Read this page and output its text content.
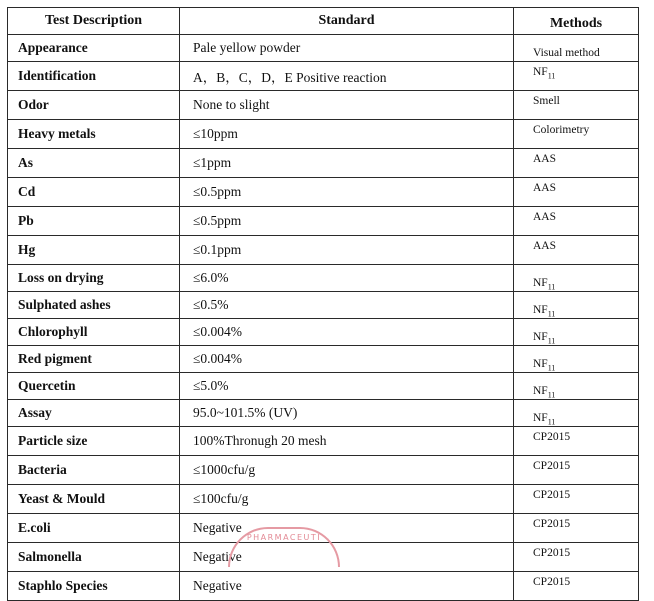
Test Description	Standard	Methods
Appearance	Pale yellow powder	Visual method
Identification	A，B，C，D，E Positive reaction	$NF_{11}$
Odor	None to slight	Smell
Heavy metals	≤10ppm	Colorimetry
As	≤1ppm	AAS
Cd	≤0.5ppm	AAS
Pb	≤0.5ppm	AAS
Hg	≤0.1ppm	AAS
Loss on drying	≤6.0%	$NF_{11}$
Sulphated ashes	≤0.5%	$NF_{11}$
Chlorophyll	≤0.004%	$NF_{11}$
Red pigment	≤0.004%	$NF_{11}$
Quercetin	≤5.0%	$NF_{11}$
Assay	95.0~101.5% (UV)	$NF_{11}$
Particle size	100%Thronugh 20 mesh	CP2015
Bacteria	≤1000cfu/g	CP2015
Yeast & Mould	≤100cfu/g	CP2015
E.coli	Negative	CP2015
Salmonella	Negative	CP2015
Staphlo Species	Negative	CP2015
PHARMACEUTI
